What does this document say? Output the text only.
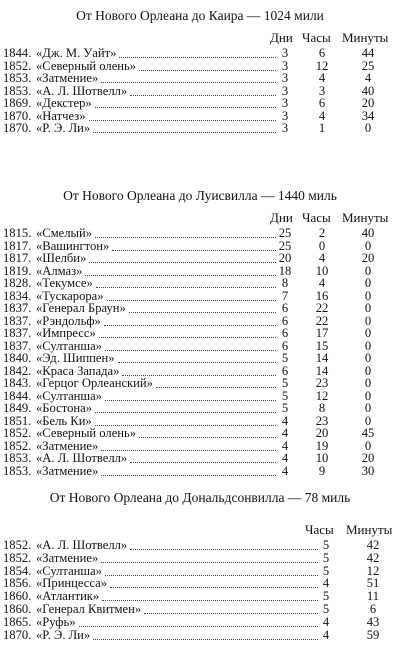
От Нового Орлеана до Каира — 1024 мили
Дни Часы Минуты
1844. «Дж. М. Уайт»	3	6	44
1852. «Северный олень»	3	12	25
1853. «Затмение»	3	4	4
1853. «А. Л. Шотвелл»	3	3	40
1869. «Декстер»	3	6	20
1870. «Натчез»	3	4	34
1870. «Р. Э. Ли»	3	1	0
От Нового Орлеана до Луисвилла — 1440 миль
Дни Часы Минуты
1815. «Смелый»	25	2	40
1817. «Вашингтон»	25	0	0
1817. «Шелби»	20	4	20
1819. «Алмаз»	18	10	0
1828. «Текумсе»	8	4	0
1834. «Тускарора»	7	16	0
1837. «Генерал Браун»	6	22	0
1837. «Рэндольф»	6	22	0
1837. «Импресс»	6	17	0
1837. «Султанша»	6	15	0
1840. «Эд. Шиппен»	5	14	0
1842. «Краса Запада»	6	14	0
1843. «Герцог Орлеанский»	5	23	0
1844. «Султанша»	5	12	0
1849. «Бостона»	5	8	0
1851. «Бель Ки»	4	23	0
1852. «Северный олень»	4	20	45
1852. «Затмение»	4	19	0
1853. «А. Л. Шотвелл»	4	10	20
1853. «Затмение»	4	9	30
От Нового Орлеана до Дональдсонвилла — 78 миль
Часы Минуты
1852. «А. Л. Шотвелл»	5	42
1852. «Затмение»	5	42
1854. «Султанша»	5	12
1856. «Принцесса»	4	51
1860. «Атлантик»	5	11
1860. «Генерал Квитмен»	5	6
1865. «Руфь»	4	43
1870. «Р. Э. Ли»	4	59
